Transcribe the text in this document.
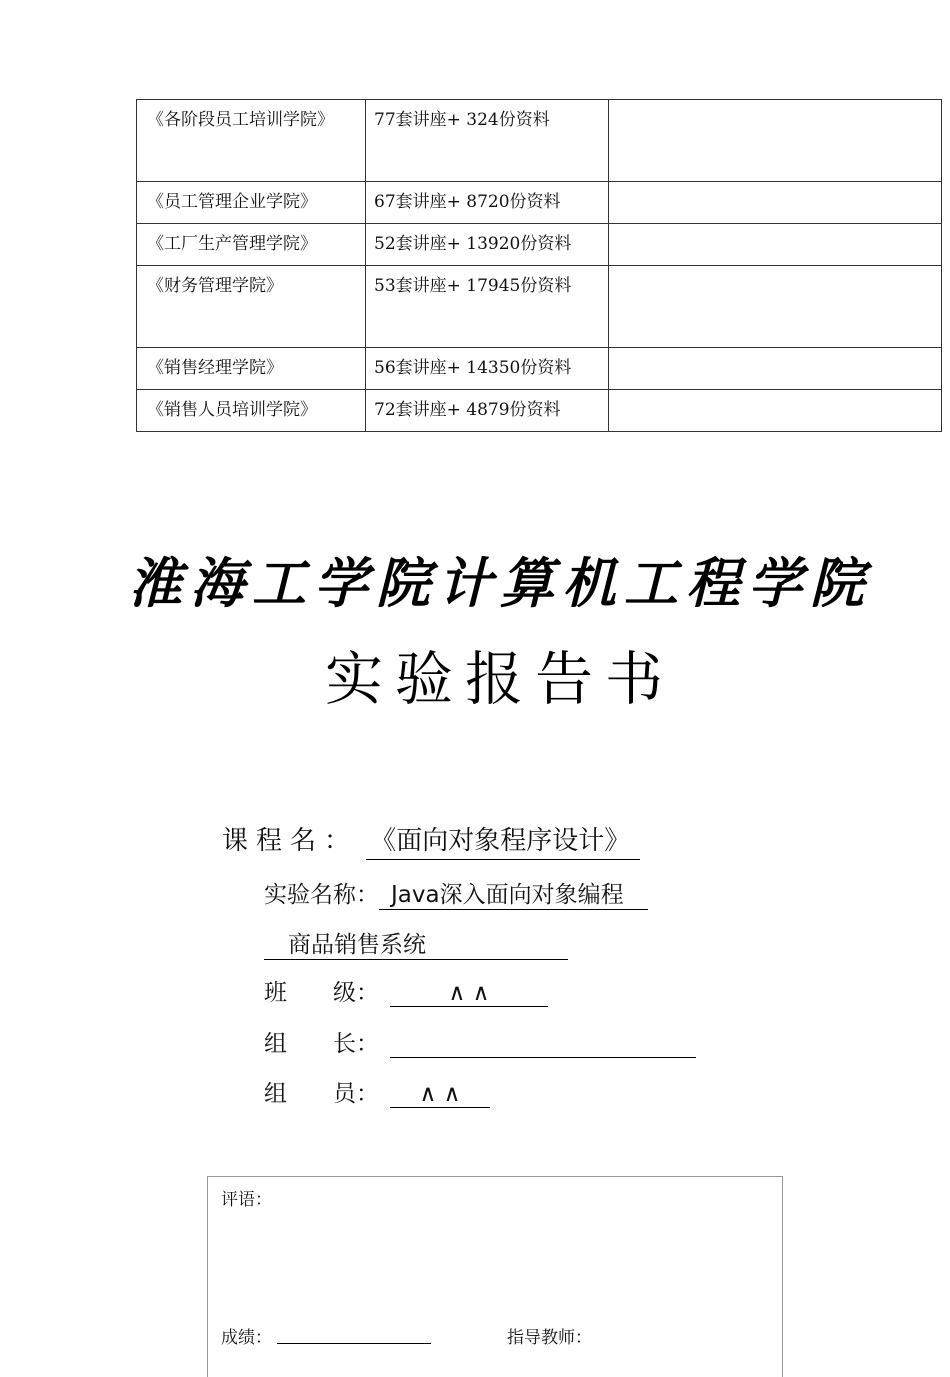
《各阶段员工培训学院》	77套讲座+ 324份资料	
《员工管理企业学院》	67套讲座+ 8720份资料	
《工厂生产管理学院》	52套讲座+ 13920份资料	
《财务管理学院》	53套讲座+ 17945份资料	
《销售经理学院》	56套讲座+ 14350份资料	
《销售人员培训学院》	72套讲座+ 4879份资料	
淮海工学院计算机工程学院
实验报告书
课程名： 《面向对象程序设计》
实验名称： Java深入面向对象编程
商品销售系统
班　　级：	∧ ∧
组　　长：
组　　员： ∧ ∧
评语：
成绩：	指导教师：
